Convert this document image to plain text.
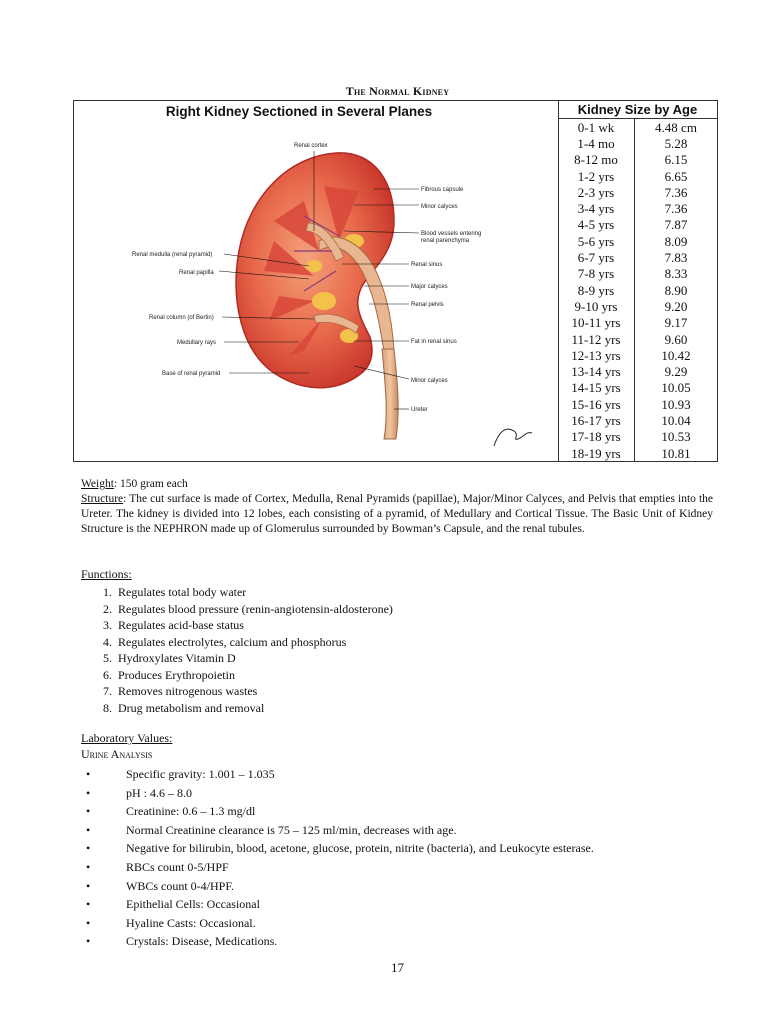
The Normal Kidney
Renal cortex
Fibrous capsule
Minor calyces
Blood vessels entering
renal parenchyma
Renal medulla (renal pyramid)
Renal sinus
Renal papilla
Major calyces
Renal pelvis
Renal column (of Bertin)
Fat in renal sinus
Medullary rays
Base of renal pyramid
Minor calyces
Ureter
Right Kidney Sectioned in Several Planes	Kidney Size by Age	
0-1 wk	4.48 cm
1-4 mo	5.28
8-12 mo	6.15
1-2 yrs	6.65
2-3 yrs	7.36
3-4 yrs	7.36
4-5 yrs	7.87
5-6 yrs	8.09
6-7 yrs	7.83
7-8 yrs	8.33
8-9 yrs	8.90
9-10 yrs	9.20
10-11 yrs	9.17
11-12 yrs	9.60
12-13 yrs	10.42
13-14 yrs	9.29
14-15 yrs	10.05
15-16 yrs	10.93
16-17 yrs	10.04
17-18 yrs	10.53
18-19 yrs	10.81

Weight: 150 gram each

Structure: The cut surface is made of Cortex, Medulla, Renal Pyramids (papillae), Major/Minor Calyces, and Pelvis that empties into the Ureter. The kidney is divided into 12 lobes, each consisting of a pyramid, of Medullary and Cortical Tissue. The Basic Unit of Kidney Structure is the NEPHRON made up of Glomerulus surrounded by Bowman’s Capsule, and the renal tubules.

Functions:
1. Regulates total body water
2. Regulates blood pressure (renin-angiotensin-aldosterone)
3. Regulates acid-base status
4. Regulates electrolytes, calcium and phosphorus
5. Hydroxylates Vitamin D
6. Produces Erythropoietin
7. Removes nitrogenous wastes
8. Drug metabolism and removal
Laboratory Values:
Urine Analysis
•	Specific gravity: 1.001 – 1.035
•	pH : 4.6 – 8.0
•	Creatinine: 0.6 – 1.3 mg/dl
•	Normal Creatinine clearance is 75 – 125 ml/min, decreases with age.
•	Negative for bilirubin, blood, acetone, glucose, protein, nitrite (bacteria), and Leukocyte esterase.
•	RBCs count 0-5/HPF
•	WBCs count 0-4/HPF.
•	Epithelial Cells: Occasional
•	Hyaline Casts: Occasional.
•	Crystals: Disease, Medications.
17
